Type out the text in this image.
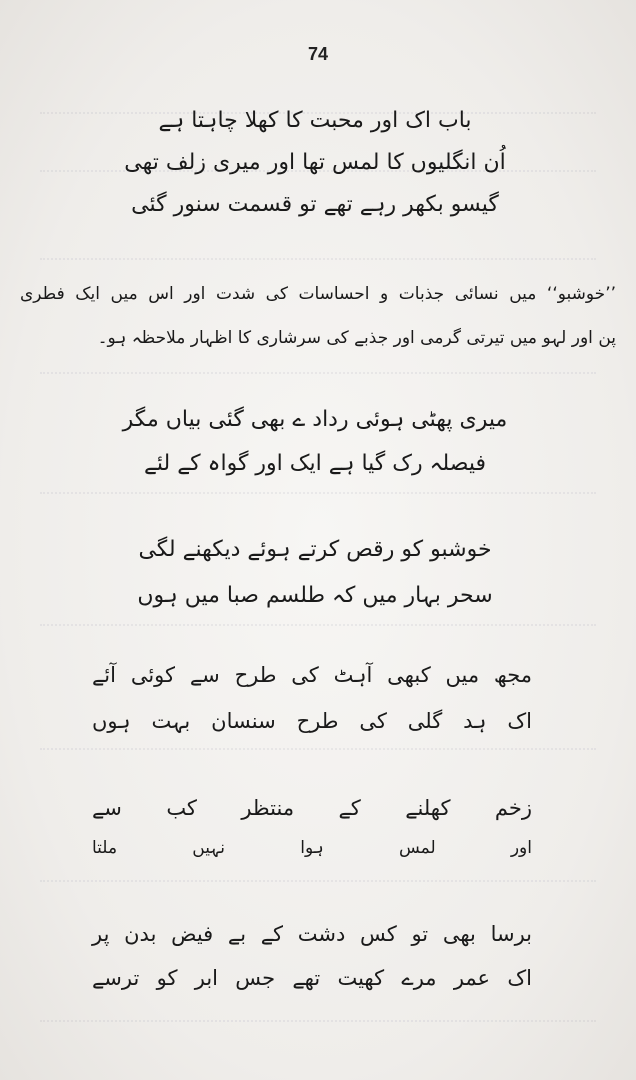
74
باب اک اور محبت کا کھلا چاہتا ہے
اُن انگلیوں کا لمس تھا اور میری زلف تھی
گیسو بکھر رہے تھے تو قسمت سنور گئی
’’خوشبو‘‘ میں نسائی جذبات و احساسات کی شدت اور اس میں ایک فطری
پن اور لہو میں تیرتی گرمی اور جذبے کی سرشاری کا اظہار ملاحظہ ہو۔
میری پھٹی ہوئی رداد ے بھی گئی بیاں مگر
فیصلہ رک گیا ہے ایک اور گواہ کے لئے
خوشبو کو رقص کرتے ہوئے دیکھنے لگی
سحر بہار میں کہ طلسم صبا میں ہوں
مجھ میں کبھی آہٹ کی طرح سے کوئی آئے
اک ہد گلی کی طرح سنسان بہت ہوں
زخم کھلنے کے منتظر کب سے
اور لمس ہوا نہیں ملتا
برسا بھی تو کس دشت کے بے فیض بدن پر
اک عمر مرے کھیت تھے جس ابر کو ترسے
